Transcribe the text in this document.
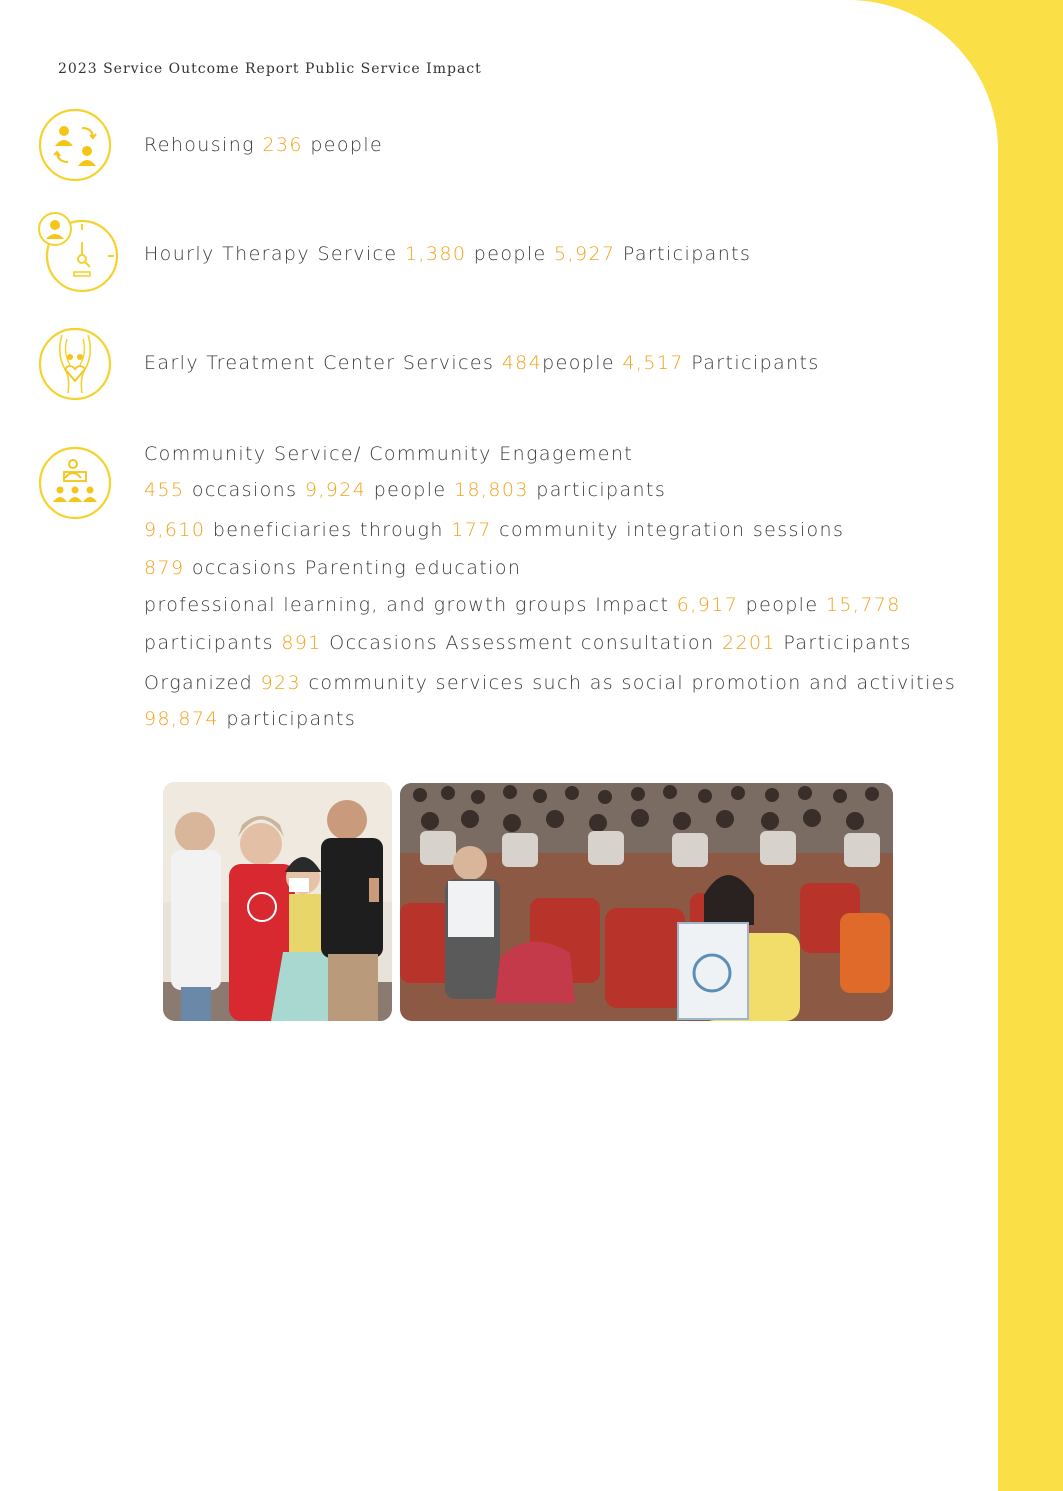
2023 Service Outcome Report Public Service Impact
Rehousing 236 people
Hourly Therapy Service 1,380 people 5,927 Participants
Early Treatment Center Services 484people 4,517 Participants
Community Service/ Community Engagement
455 occasions 9,924 people 18,803 participants
9,610 beneficiaries through 177 community integration sessions
879 occasions Parenting education
professional learning, and growth groups Impact 6,917 people 15,778
participants 891 Occasions Assessment consultation 2201 Participants
Organized 923 community services such as social promotion and activities
98,874 participants
